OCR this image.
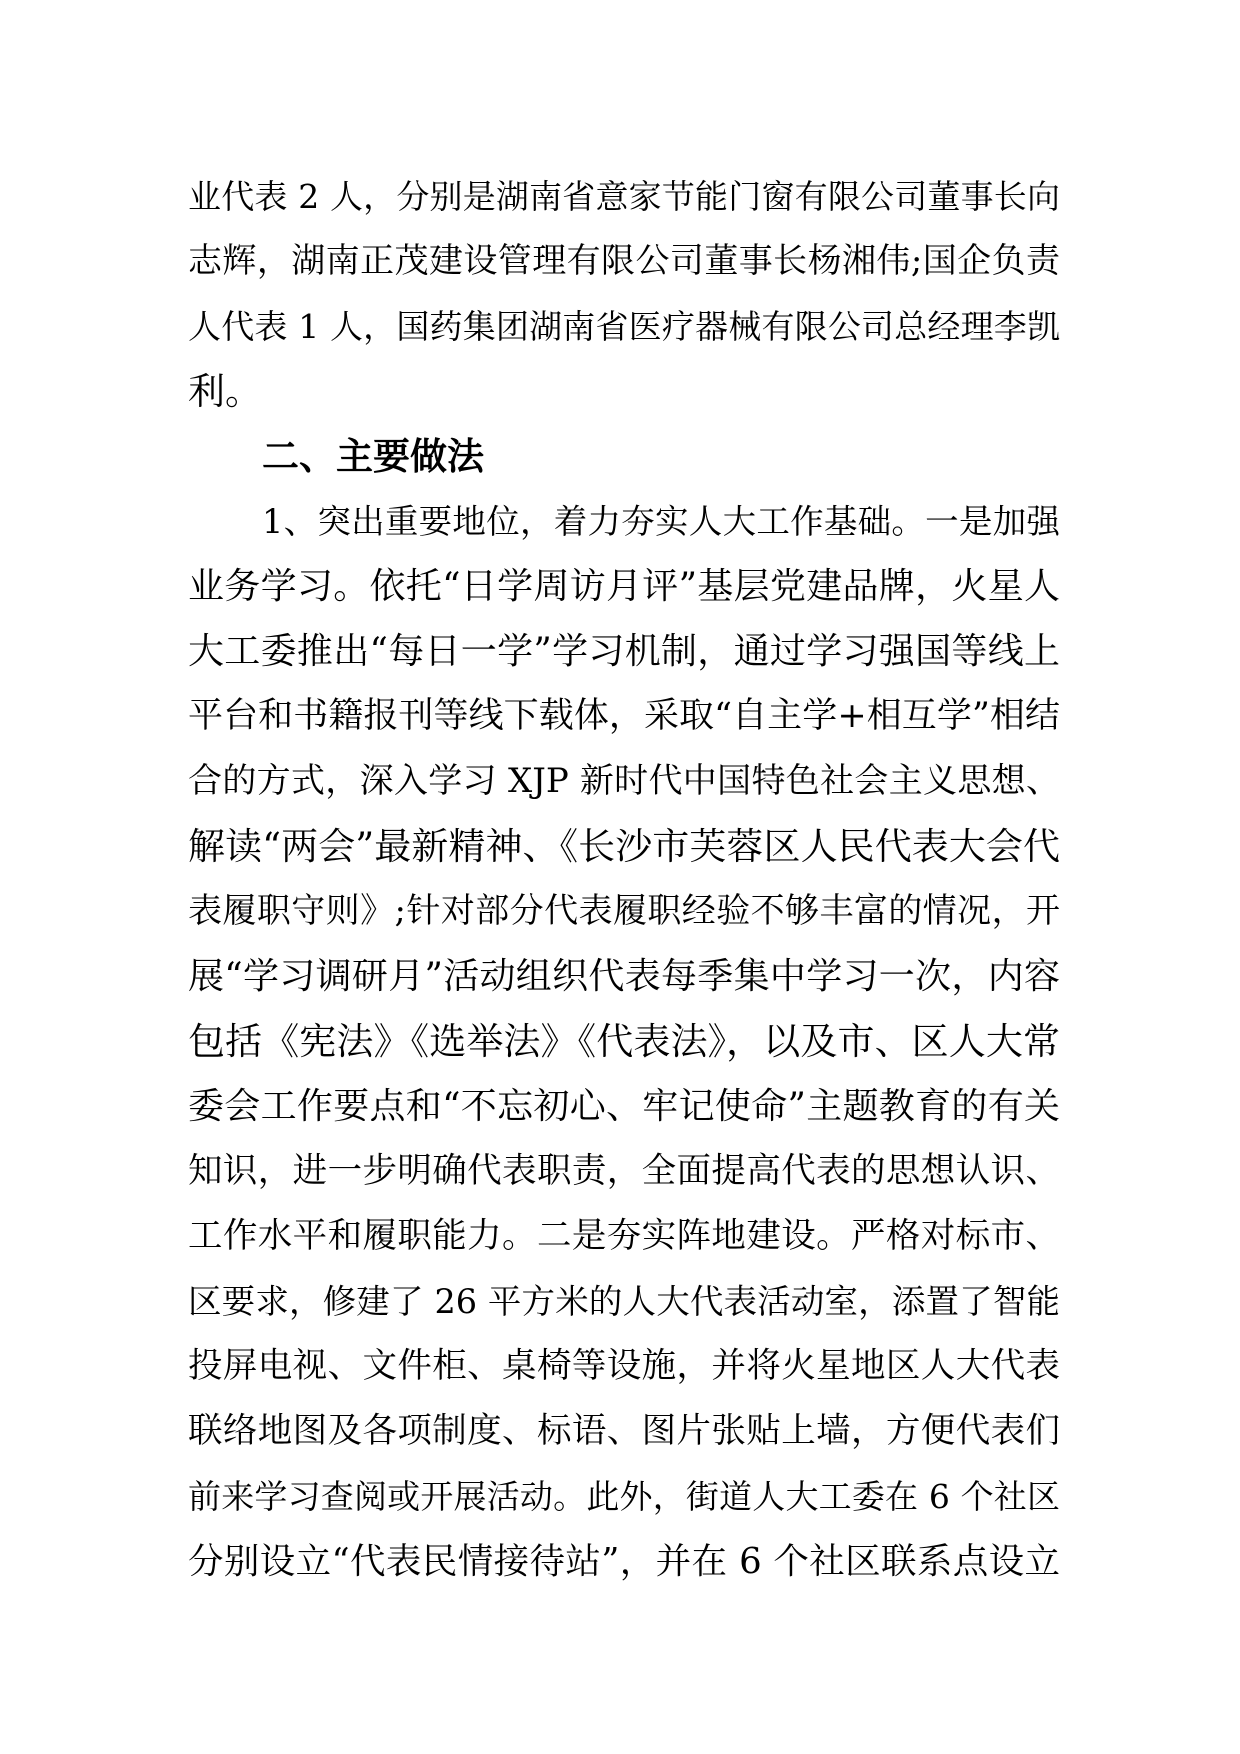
业代表 2 人，分别是湖南省意家节能门窗有限公司董事长向
志辉，湖南正茂建设管理有限公司董事长杨湘伟;国企负责
人代表 1 人，国药集团湖南省医疗器械有限公司总经理李凯
利。
二、主要做法
1、突出重要地位，着力夯实人大工作基础。一是加强
业务学习。依托“日学周访月评”基层党建品牌，火星人
大工委推出“每日一学”学习机制，通过学习强国等线上
平台和书籍报刊等线下载体，采取“自主学+相互学”相结
合的方式，深入学习 XJP 新时代中国特色社会主义思想、
解读“两会”最新精神、《长沙市芙蓉区人民代表大会代
表履职守则》;针对部分代表履职经验不够丰富的情况，开
展“学习调研月”活动组织代表每季集中学习一次，内容
包括《宪法》《选举法》《代表法》，以及市、区人大常
委会工作要点和“不忘初心、牢记使命”主题教育的有关
知识，进一步明确代表职责，全面提高代表的思想认识、
工作水平和履职能力。二是夯实阵地建设。严格对标市、
区要求，修建了 26 平方米的人大代表活动室，添置了智能
投屏电视、文件柜、桌椅等设施，并将火星地区人大代表
联络地图及各项制度、标语、图片张贴上墙，方便代表们
前来学习查阅或开展活动。此外，街道人大工委在 6 个社区
分别设立“代表民情接待站”，并在 6 个社区联系点设立
